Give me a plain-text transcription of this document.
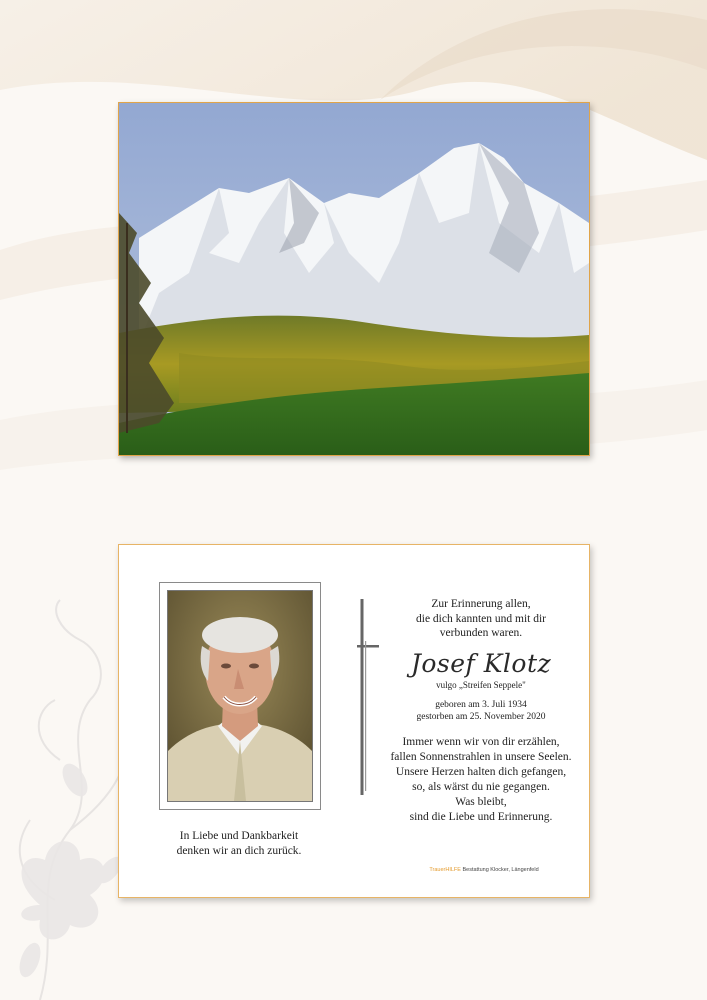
In Liebe und Dankbarkeit
denken wir an dich zurück.
Zur Erinnerung allen,
die dich kannten und mit dir
verbunden waren.
Josef Klotz
vulgo „Streifen Seppele"
geboren am 3. Juli 1934
gestorben am 25. November 2020
Immer wenn wir von dir erzählen,
fallen Sonnenstrahlen in unsere Seelen.
Unsere Herzen halten dich gefangen,
so, als wärst du nie gegangen.
Was bleibt,
sind die Liebe und Erinnerung.
TrauerHILFE Bestattung Klocker, Längenfeld
